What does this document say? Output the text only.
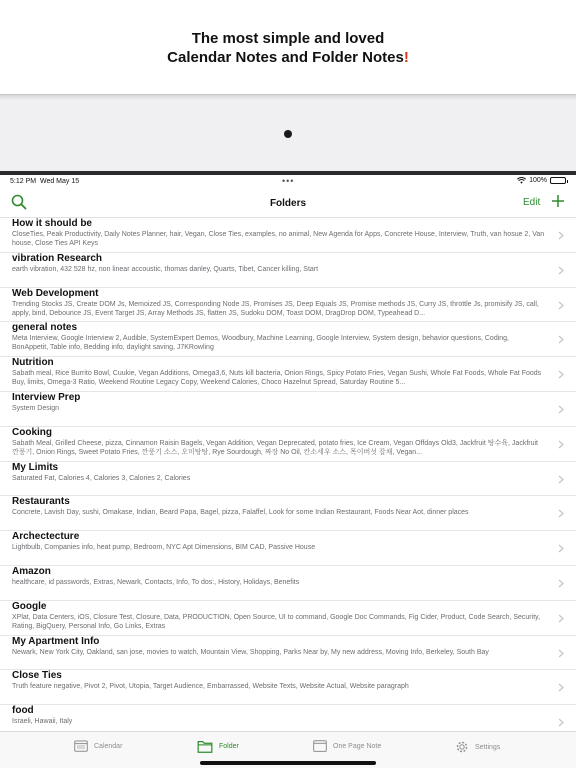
The most simple and loved
Calendar Notes and Folder Notes!
5:12 PM Wed May 15	•••	100%
Folders	Edit
How it should be
CloseTies, Peak Productivity, Daily Notes Planner, hair, Vegan, Close Ties, examples, no animal, New Agenda for Apps, Concrete House, Interview, Truth, van hosue 2, Van house, Close Ties API Keys
vibration Research
earth vibration, 432 528 hz, non linear accoustic, thomas danley, Quarts, Tibet, Cancer killing, Start
Web Development
Trending Stocks JS, Create DOM Js, Memoized JS, Corresponding Node JS, Promises JS, Deep Equals JS, Promise methods JS, Curry JS, throttle Js, promisify JS, call, apply, bind, Debounce JS, Event Target JS, Array Methods JS, flatten JS, Sudoku DOM, Toast DOM, DragDrop DOM, Typeahead D...
general notes
Meta Interview, Google Interview 2, Audible, SystemExpert Demos, Woodbury, Machine Learning, Google Interview, System design, behavior questions, Coding, BonAppetit, Table info, Bedding info, daylight saving, J7KRowling
Nutrition
Sabath meal, Rice Burrito Bowl, Cuukie, Vegan Additions, Omega3,6, Nuts kill bacteria, Onion Rings, Spicy Potato Fries, Vegan Sushi, Whole Fat Foods, Whole Fat Foods Buy, limits, Omega-3 Ratio, Weekend Routine Legacy Copy, Weekend Calories, Choco Hazelnut Spread, Saturday Routine 5...
Interview Prep
System Design
Cooking
Sabath Meal, Grilled Cheese, pizza, Cinnamon Raisin Bagels, Vegan Addition, Vegan Deprecated, potato fries, Ice Cream, Vegan Offdays Old3, Jackfruit 탕수육, Jackfruit 깐풍기, Onion Rings, Sweet Potato Fries, 깐풍기 소스, 오미탕탕, Rye Sourdough, 짜장 No Oil, 칸소세우 소스, 목이버섯 잡채, Vegan...
My Limits
Saturated Fat, Calories 4, Calories 3, Calories 2, Calories
Restaurants
Concrete, Lavish Day, sushi, Omakase, Indian, Beard Papa, Bagel, pizza, Falaffel, Look for some Indian Restaurant, Foods Near Aot, dinner places
Archectecture
Lightbulb, Companies info, heat pump, Bedroom, NYC Apt Dimensions, BIM CAD, Passive House
Amazon
healthcare, id passwords, Extras, Newark, Contacts, Info, To dos:, History, Holidays, Benefits
Google
XPlat, Data Centers, iOS, Closure Test, Closure, Data, PRODUCTION, Open Source, UI to command, Google Doc Commands, Fig Cider, Product, Code Search, Security, Rating, BigQuery, Personal Info, Go Links, Extras
My Apartment Info
Newark, New York City, Oakland, san jose, movies to watch, Mountain View, Shopping, Parks Near by, My new address, Moving Info, Berkeley, South Bay
Close Ties
Truth feature negative, Pivot 2, Pivot, Utopia, Target Audience, Embarrassed, Website Texts, Website Actual, Website paragraph
food
Israeli, Hawaii, Italy
Calendar	Folder	One Page Note	Settings
